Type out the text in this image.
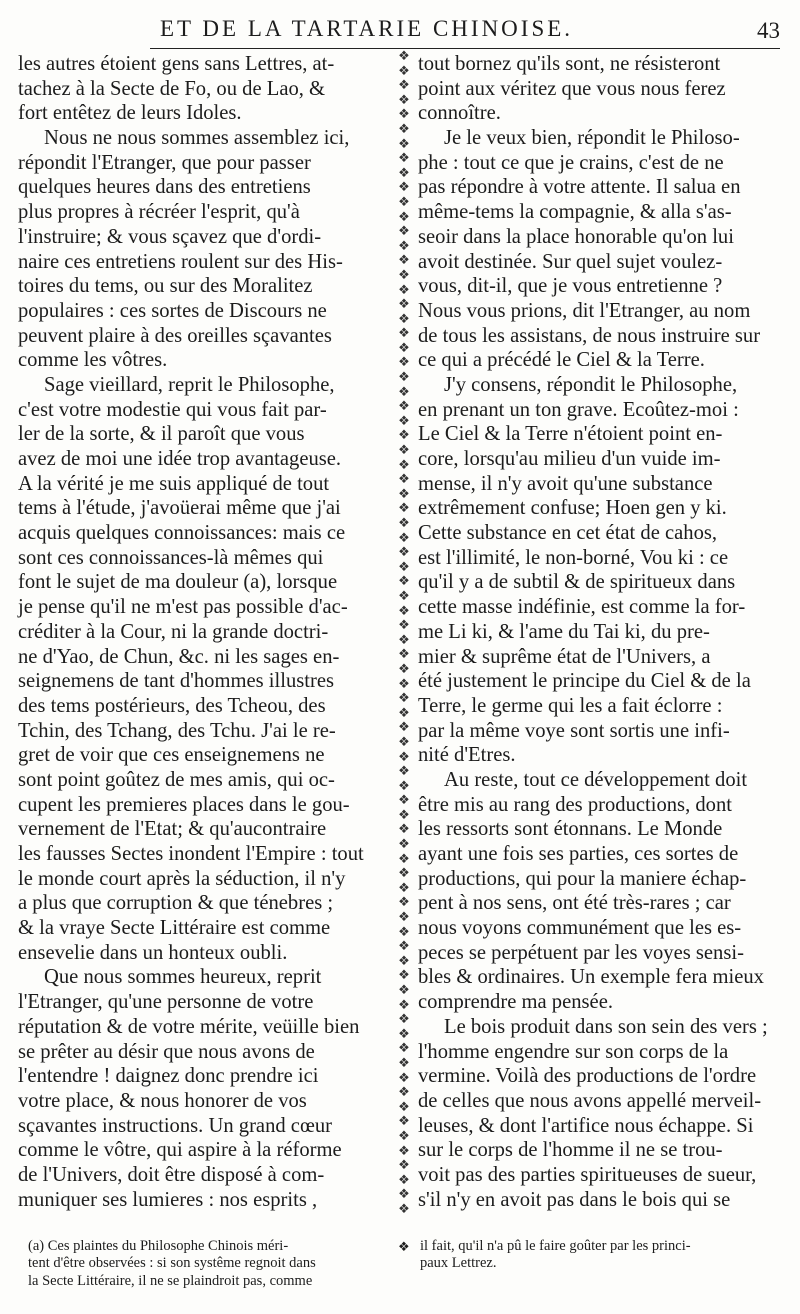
ET DE LA TARTARIE CHINOISE.	43
les autres étoient gens sans Lettres, at-
tachez à la Secte de Fo, ou de Lao, &
fort entêtez de leurs Idoles.
Nous ne nous sommes assemblez ici,
répondit l'Etranger, que pour passer
quelques heures dans des entretiens
plus propres à récréer l'esprit, qu'à
l'instruire; & vous sçavez que d'ordi-
naire ces entretiens roulent sur des His-
toires du tems, ou sur des Moralitez
populaires : ces sortes de Discours ne
peuvent plaire à des oreilles sçavantes
comme les vôtres.
Sage vieillard, reprit le Philosophe,
c'est votre modestie qui vous fait par-
ler de la sorte, & il paroît que vous
avez de moi une idée trop avantageuse.
A la vérité je me suis appliqué de tout
tems à l'étude, j'avoüerai même que j'ai
acquis quelques connoissances: mais ce
sont ces connoissances-là mêmes qui
font le sujet de ma douleur (a), lorsque
je pense qu'il ne m'est pas possible d'ac-
créditer à la Cour, ni la grande doctri-
ne d'Yao, de Chun, &c. ni les sages en-
seignemens de tant d'hommes illustres
des tems postérieurs, des Tcheou, des
Tchin, des Tchang, des Tchu. J'ai le re-
gret de voir que ces enseignemens ne
sont point goûtez de mes amis, qui oc-
cupent les premieres places dans le gou-
vernement de l'Etat; & qu'aucontraire
les fausses Sectes inondent l'Empire : tout
le monde court après la séduction, il n'y
a plus que corruption & que ténebres ;
& la vraye Secte Littéraire est comme
ensevelie dans un honteux oubli.
Que nous sommes heureux, reprit
l'Etranger, qu'une personne de votre
réputation & de votre mérite, veüille bien
se prêter au désir que nous avons de
l'entendre ! daignez donc prendre ici
votre place, & nous honorer de vos
sçavantes instructions. Un grand cœur
comme le vôtre, qui aspire à la réforme
de l'Univers, doit être disposé à com-
muniquer ses lumieres : nos esprits ,
❖
❖
❖
❖
❖
❖
❖
❖
❖
❖
❖
❖
❖
❖
❖
❖
❖
❖
❖
❖
❖
❖
❖
❖
❖
❖
❖
❖
❖
❖
❖
❖
❖
❖
❖
❖
❖
❖
❖
❖
❖
❖
❖
❖
❖
❖
❖
❖
❖
❖
❖
❖
❖
❖
❖
❖
❖
❖
❖
❖
❖
❖
❖
❖
❖
❖
❖
❖
❖
❖
❖
❖
❖
❖
❖
❖
❖
❖
❖
❖
tout bornez qu'ils sont, ne résisteront
point aux véritez que vous nous ferez
connoître.
Je le veux bien, répondit le Philoso-
phe : tout ce que je crains, c'est de ne
pas répondre à votre attente. Il salua en
même-tems la compagnie, & alla s'as-
seoir dans la place honorable qu'on lui
avoit destinée. Sur quel sujet voulez-
vous, dit-il, que je vous entretienne ?
Nous vous prions, dit l'Etranger, au nom
de tous les assistans, de nous instruire sur
ce qui a précédé le Ciel & la Terre.
J'y consens, répondit le Philosophe,
en prenant un ton grave. Ecoûtez-moi :
Le Ciel & la Terre n'étoient point en-
core, lorsqu'au milieu d'un vuide im-
mense, il n'y avoit qu'une substance
extrêmement confuse; Hoen gen y ki.
Cette substance en cet état de cahos,
est l'illimité, le non-borné, Vou ki : ce
qu'il y a de subtil & de spiritueux dans
cette masse indéfinie, est comme la for-
me Li ki, & l'ame du Tai ki, du pre-
mier & suprême état de l'Univers, a
été justement le principe du Ciel & de la
Terre, le germe qui les a fait éclorre :
par la même voye sont sortis une infi-
nité d'Etres.
Au reste, tout ce développement doit
être mis au rang des productions, dont
les ressorts sont étonnans. Le Monde
ayant une fois ses parties, ces sortes de
productions, qui pour la maniere échap-
pent à nos sens, ont été très-rares ; car
nous voyons communément que les es-
peces se perpétuent par les voyes sensi-
bles & ordinaires. Un exemple fera mieux
comprendre ma pensée.
Le bois produit dans son sein des vers ;
l'homme engendre sur son corps de la
vermine. Voilà des productions de l'ordre
de celles que nous avons appellé merveil-
leuses, & dont l'artifice nous échappe. Si
sur le corps de l'homme il ne se trou-
voit pas des parties spiritueuses de sueur,
s'il n'y en avoit pas dans le bois qui se
(a) Ces plaintes du Philosophe Chinois méri-
tent d'être observées : si son systême regnoit dans
la Secte Littéraire, il ne se plaindroit pas, comme
❖ il fait, qu'il n'a pû le faire goûter par les princi-
paux Lettrez.
